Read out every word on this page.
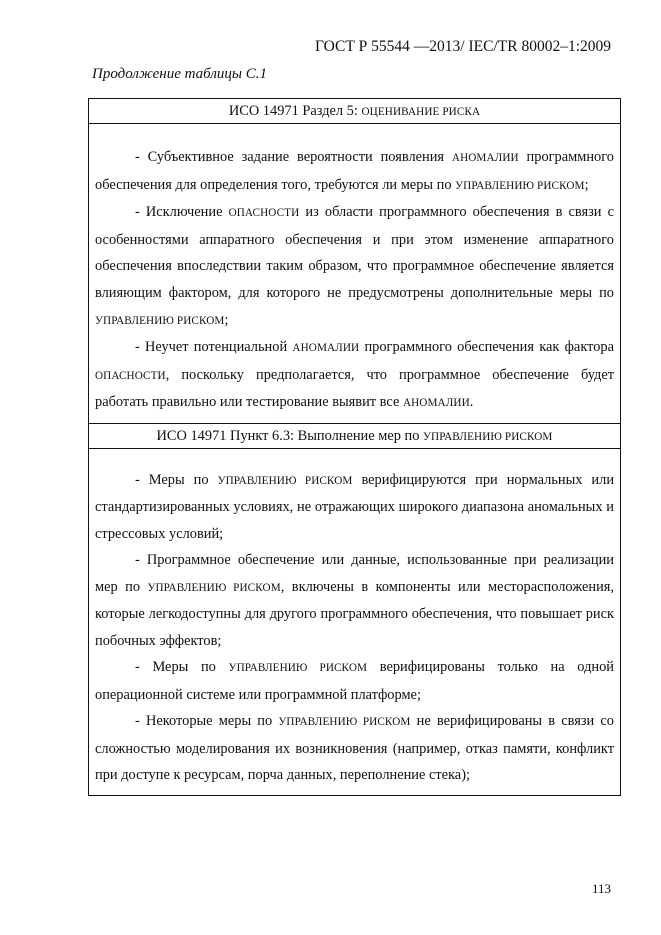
ГОСТ Р 55544 —2013/ IEC/TR 80002–1:2009
Продолжение таблицы С.1
ИСО 14971 Раздел 5: ОЦЕНИВАНИЕ РИСКА

- Субъективное задание вероятности появления АНОМАЛИИ программного обеспечения для определения того, требуются ли меры по УПРАВЛЕНИЮ РИСКОМ;

- Исключение ОПАСНОСТИ из области программного обеспечения в связи с особенностями аппаратного обеспечения и при этом изменение аппаратного обеспечения впоследствии таким образом, что программное обеспечение является влияющим фактором, для которого не предусмотрены дополнительные меры по УПРАВЛЕНИЮ РИСКОМ;

- Неучет потенциальной АНОМАЛИИ программного обеспечения как фактора ОПАСНОСТИ, поскольку предполагается, что программное обеспечение будет работать правильно или тестирование выявит все АНОМАЛИИ.

ИСО 14971 Пункт 6.3: Выполнение мер по УПРАВЛЕНИЮ РИСКОМ

- Меры по УПРАВЛЕНИЮ РИСКОМ верифицируются при нормальных или стандартизированных условиях, не отражающих широкого диапазона аномальных и стрессовых условий;

- Программное обеспечение или данные, использованные при реализации мер по УПРАВЛЕНИЮ РИСКОМ, включены в компоненты или месторасположения, которые легкодоступны для другого программного обеспечения, что повышает риск побочных эффектов;

- Меры по УПРАВЛЕНИЮ РИСКОМ верифицированы только на одной операционной системе или программной платформе;

- Некоторые меры по УПРАВЛЕНИЮ РИСКОМ не верифицированы в связи со сложностью моделирования их возникновения (например, отказ памяти, конфликт при доступе к ресурсам, порча данных, переполнение стека);

113
